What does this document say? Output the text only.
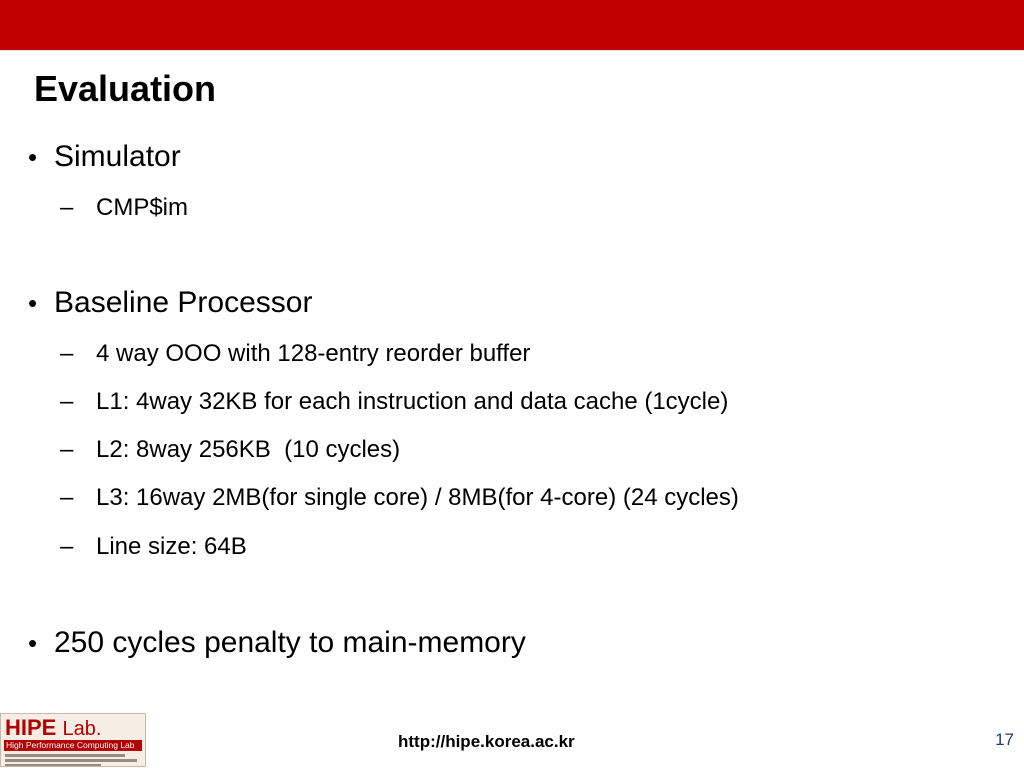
Evaluation
• Simulator
– CMP$im
• Baseline Processor
– 4 way OOO with 128-entry reorder buffer
– L1: 4way 32KB for each instruction and data cache (1cycle)
– L2: 8way 256KB  (10 cycles)
– L3: 16way 2MB(for single core) / 8MB(for 4-core) (24 cycles)
– Line size: 64B
• 250 cycles penalty to main-memory
HIPE Lab.
High Performance Computing Lab	http://hipe.korea.ac.kr	17
